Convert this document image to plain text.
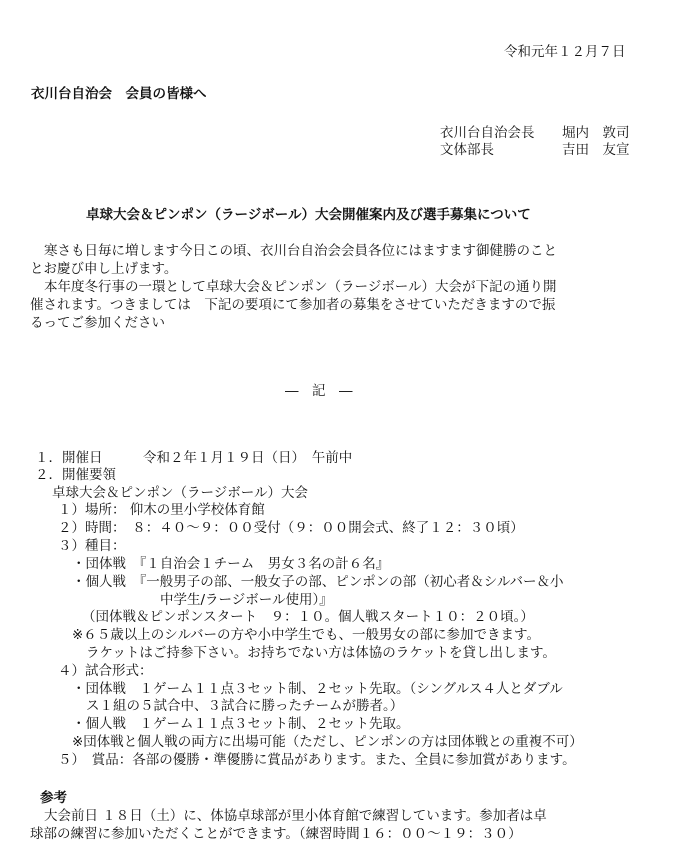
令和元年１２月７日
衣川台自治会　会員の皆様へ
衣川台自治会長 堀内　敦司
文体部長	吉田　友宣
卓球大会＆ピンポン（ラージボール）大会開催案内及び選手募集について
寒さも日毎に増します今日この頃、衣川台自治会会員各位にはますます御健勝のこと
とお慶び申し上げます。
本年度冬行事の一環として卓球大会＆ピンポン（ラージボール）大会が下記の通り開
催されます。つきましては　下記の要項にて参加者の募集をさせていただきますので振
るってご参加ください
―　記　―
１．開催日　　　令和２年１月１９日（日）　午前中
２．開催要領
卓球大会＆ピンポン（ラージボール）大会
１）場所： 仰木の里小学校体育館
２）時間：　８：４０～９：００受付（９：００開会式、終了１２：３０頃）
３）種目：
・団体戦　『１自治会１チーム　男女３名の計６名』
・個人戦　『一般男子の部、一般女子の部、ピンポンの部（初心者＆シルバー＆小
中学生/ラージボール使用）』
（団体戦＆ピンポンスタート　９：１０。個人戦スタート１０：２０頃。）
※６５歳以上のシルバーの方や小中学生でも、一般男女の部に参加できます。
ラケットはご持参下さい。お持ちでない方は体協のラケットを貸し出します。
４）試合形式：
・団体戦　１ゲーム１１点３セット制、２セット先取。（シングルス４人とダブル
ス１組の５試合中、３試合に勝ったチームが勝者。）
・個人戦　１ゲーム１１点３セット制、２セット先取。
※団体戦と個人戦の両方に出場可能（ただし、ピンポンの方は団体戦との重複不可）
５）　賞品：各部の優勝・準優勝に賞品があります。また、全員に参加賞があります。
参考
大会前日 １８日（土）に、体協卓球部が里小体育館で練習しています。参加者は卓
球部の練習に参加いただくことができます。（練習時間１６：００～１９：３０）
